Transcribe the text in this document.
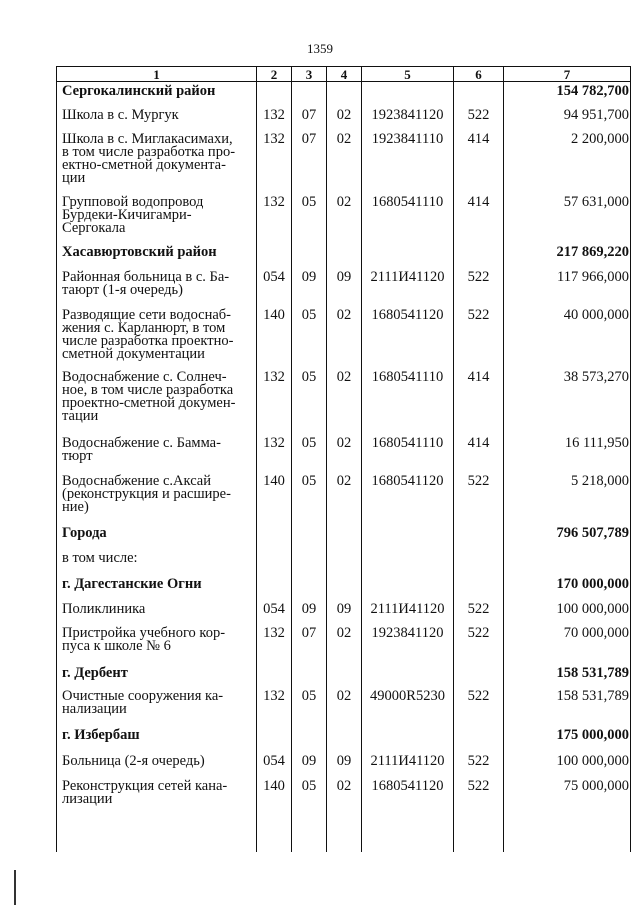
1359
1	2	3	4	5	6	7

Сергокалинский район						154 782,700

Школа в с. Мургук	132	07	02	1923841120	522	94 951,700

Школа в с. Миглакасимахи,
в том числе разработка про-
ектно-сметной документа-
ции	132	07	02	1923841110	414	2 200,000

Групповой водопровод
Бурдеки-Кичигамри-
Сергокала	132	05	02	1680541110	414	57 631,000

Хасавюртовский район						217 869,220

Районная больница в с. Ба-
таюрт (1-я очередь)	054	09	09	2111И41120	522	117 966,000

Разводящие сети водоснаб-
жения с. Карланюрт, в том
числе разработка проектно-
сметной документации	140	05	02	1680541120	522	40 000,000

Водоснабжение с. Солнеч-
ное, в том числе разработка
проектно-сметной докумен-
тации	132	05	02	1680541110	414	38 573,270

Водоснабжение с. Бамма-
тюрт	132	05	02	1680541110	414	16 111,950

Водоснабжение с.Аксай
(реконструкция и расшире-
ние)	140	05	02	1680541120	522	5 218,000

Города						796 507,789

в том числе:						

г. Дагестанские Огни						170 000,000

Поликлиника	054	09	09	2111И41120	522	100 000,000

Пристройка учебного кор-
пуса к школе № 6	132	07	02	1923841120	522	70 000,000

г. Дербент						158 531,789

Очистные сооружения ка-
нализации	132	05	02	49000R5230	522	158 531,789

г. Избербаш						175 000,000

Больница (2-я очередь)	054	09	09	2111И41120	522	100 000,000

Реконструкция сетей кана-
лизации	140	05	02	1680541120	522	75 000,000
